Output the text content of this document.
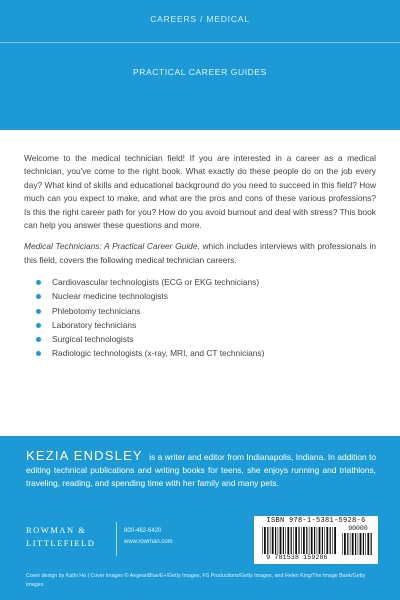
CAREERS / MEDICAL
PRACTICAL CAREER GUIDES

Welcome to the medical technician field! If you are interested in a career as a medical technician, you've come to the right book. What exactly do these people do on the job every day? What kind of skills and educational background do you need to succeed in this field? How much can you expect to make, and what are the pros and cons of these various professions? Is this the right career path for you? How do you avoid burnout and deal with stress? This book can help you answer these questions and more.

Medical Technicians: A Practical Career Guide, which includes interviews with professionals in this field, covers the following medical technician careers.

Cardiovascular technologists (ECG or EKG technicians)
Nuclear medicine technologists
Phlebotomy technicians
Laboratory technicians
Surgical technologists
Radiologic technologists (x-ray, MRI, and CT technicians)
KEZIA ENDSLEY is a writer and editor from Indianapolis, Indiana. In addition to editing technical publications and writing books for teens, she enjoys running and triathlons, traveling, reading, and spending time with her family and many pets.
ROWMAN &
LITTLEFIELD
800-462-6420
www.rowman.com
ISBN 978-1-5381-5928-6
90000
9 781538 159286
Cover design by Kathi Ho | Cover images © AegeanBlue/E+/Getty Images, FS Productions/Getty Images, and Helen King/The Image Bank/Getty Images
